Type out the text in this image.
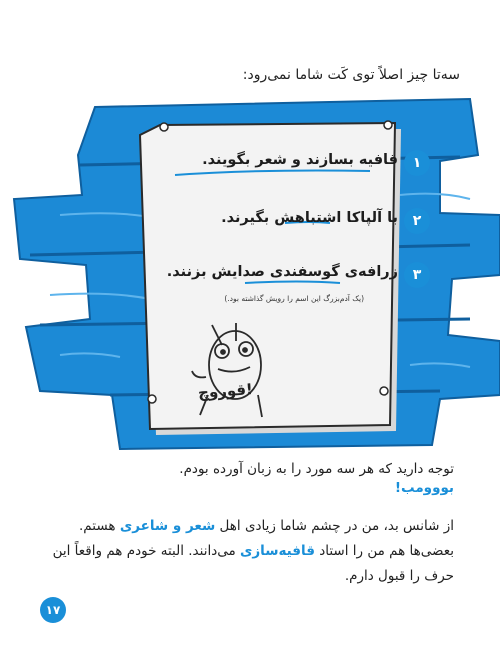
سه‌تا چیز اصلاً توی کَت شاما نمی‌رود:
۱
قافیه بسازند و شعر بگویند.
۲
با آلپاکا اشتباهش بگیرند.
۳
زرافه‌ی گوسفندی صدایش بزنند.
(یک آدم‌بزرگ این اسم را رویش گذاشته بود.)
قوروچ!
توجه دارید که هر سه مورد را به زبان آورده بودم.
بووومب!
از شانس بد، من در چشم شاما زیادی اهل شعر و شاعری هستم. بعضی‌ها هم من را استاد قافیه‌سازی می‌دانند. البته خودم هم واقعاً این حرف را قبول دارم.
۱۷
